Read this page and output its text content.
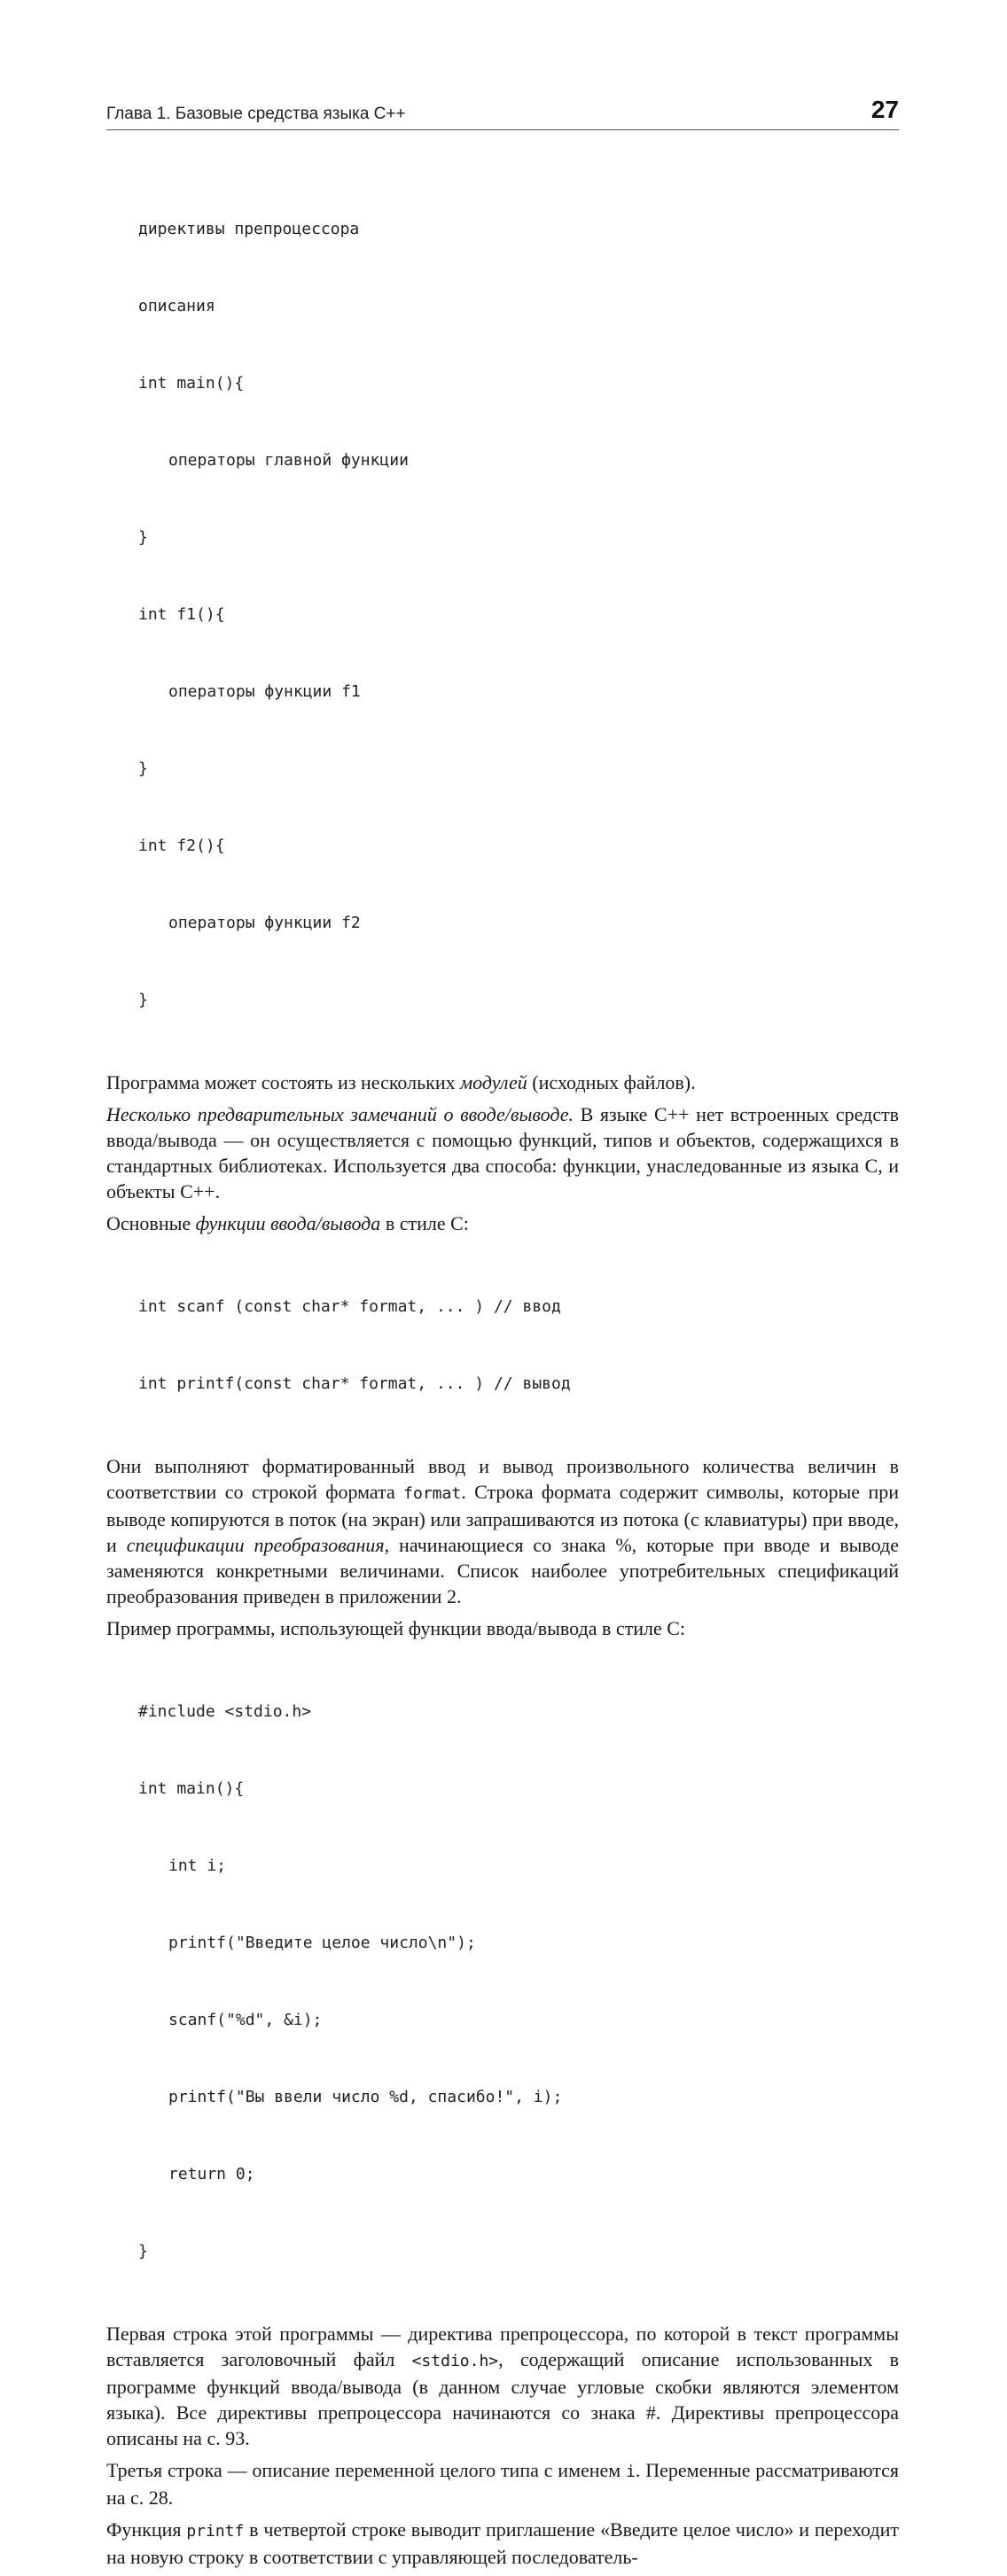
Глава 1. Базовые средства языка С++	27

директивы препроцессора

описания

int main(){

операторы главной функции

}

int f1(){

операторы функции f1

}

int f2(){

операторы функции f2

}

Программа может состоять из нескольких модулей (исходных файлов).

Несколько предварительных замечаний о вводе/выводе. В языке С++ нет встроенных средств ввода/вывода — он осуществляется с помощью функций, типов и объектов, содержащихся в стандартных библиотеках. Используется два способа: функции, унаследованные из языка С, и объекты С++.

Основные функции ввода/вывода в стиле С:

int scanf (const char* format, ... ) // ввод

int printf(const char* format, ... ) // вывод

Они выполняют форматированный ввод и вывод произвольного количества величин в соответствии со строкой формата format. Строка формата содержит символы, которые при выводе копируются в поток (на экран) или запрашиваются из потока (с клавиатуры) при вводе, и спецификации преобразования, начинающиеся со знака %, которые при вводе и выводе заменяются конкретными величинами. Список наиболее употребительных спецификаций преобразования приведен в приложении 2.

Пример программы, использующей функции ввода/вывода в стиле С:

#include <stdio.h>

int main(){

int i;

printf("Введите целое число\n");

scanf("%d", &i);

printf("Вы ввели число %d, спасибо!", i);

return 0;

}

Первая строка этой программы — директива препроцессора, по которой в текст программы вставляется заголовочный файл <stdio.h>, содержащий описание использованных в программе функций ввода/вывода (в данном случае угловые скобки являются элементом языка). Все директивы препроцессора начинаются со знака #. Директивы препроцессора описаны на с. 93.

Третья строка — описание переменной целого типа с именем i. Переменные рассматриваются на с. 28.

Функция printf в четвертой строке выводит приглашение «Введите целое число» и переходит на новую строку в соответствии с управляющей последователь-
